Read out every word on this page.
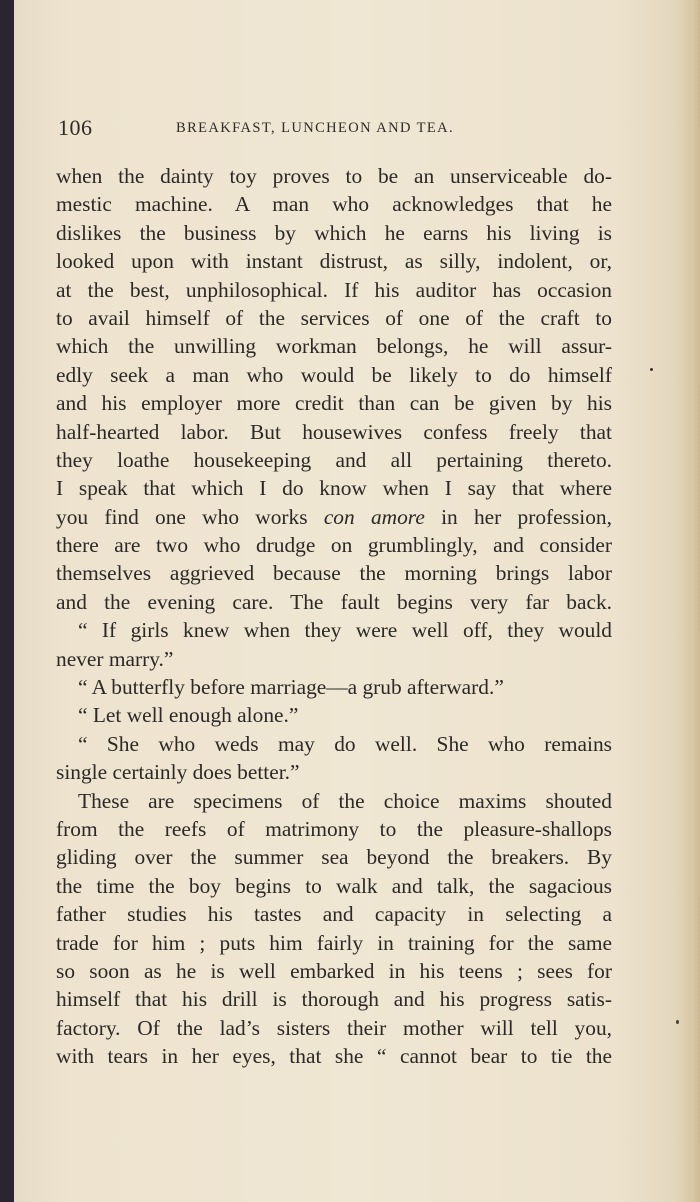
106	BREAKFAST, LUNCHEON AND TEA.
when the dainty toy proves to be an unserviceable do-
mestic machine. A man who acknowledges that he
dislikes the business by which he earns his living is
looked upon with instant distrust, as silly, indolent, or,
at the best, unphilosophical. If his auditor has occasion
to avail himself of the services of one of the craft to
which the unwilling workman belongs, he will assur-
edly seek a man who would be likely to do himself
and his employer more credit than can be given by his
half-hearted labor. But housewives confess freely that
they loathe housekeeping and all pertaining thereto.
I speak that which I do know when I say that where
you find one who works con amore in her profession,
there are two who drudge on grumblingly, and consider
themselves aggrieved because the morning brings labor
and the evening care. The fault begins very far back.
“ If girls knew when they were well off, they would
never marry.”
“ A butterfly before marriage—a grub afterward.”
“ Let well enough alone.”
“ She who weds may do well. She who remains
single certainly does better.”
These are specimens of the choice maxims shouted
from the reefs of matrimony to the pleasure-shallops
gliding over the summer sea beyond the breakers. By
the time the boy begins to walk and talk, the sagacious
father studies his tastes and capacity in selecting a
trade for him ; puts him fairly in training for the same
so soon as he is well embarked in his teens ; sees for
himself that his drill is thorough and his progress satis-
factory. Of the lad’s sisters their mother will tell you,
with tears in her eyes, that she “ cannot bear to tie the
